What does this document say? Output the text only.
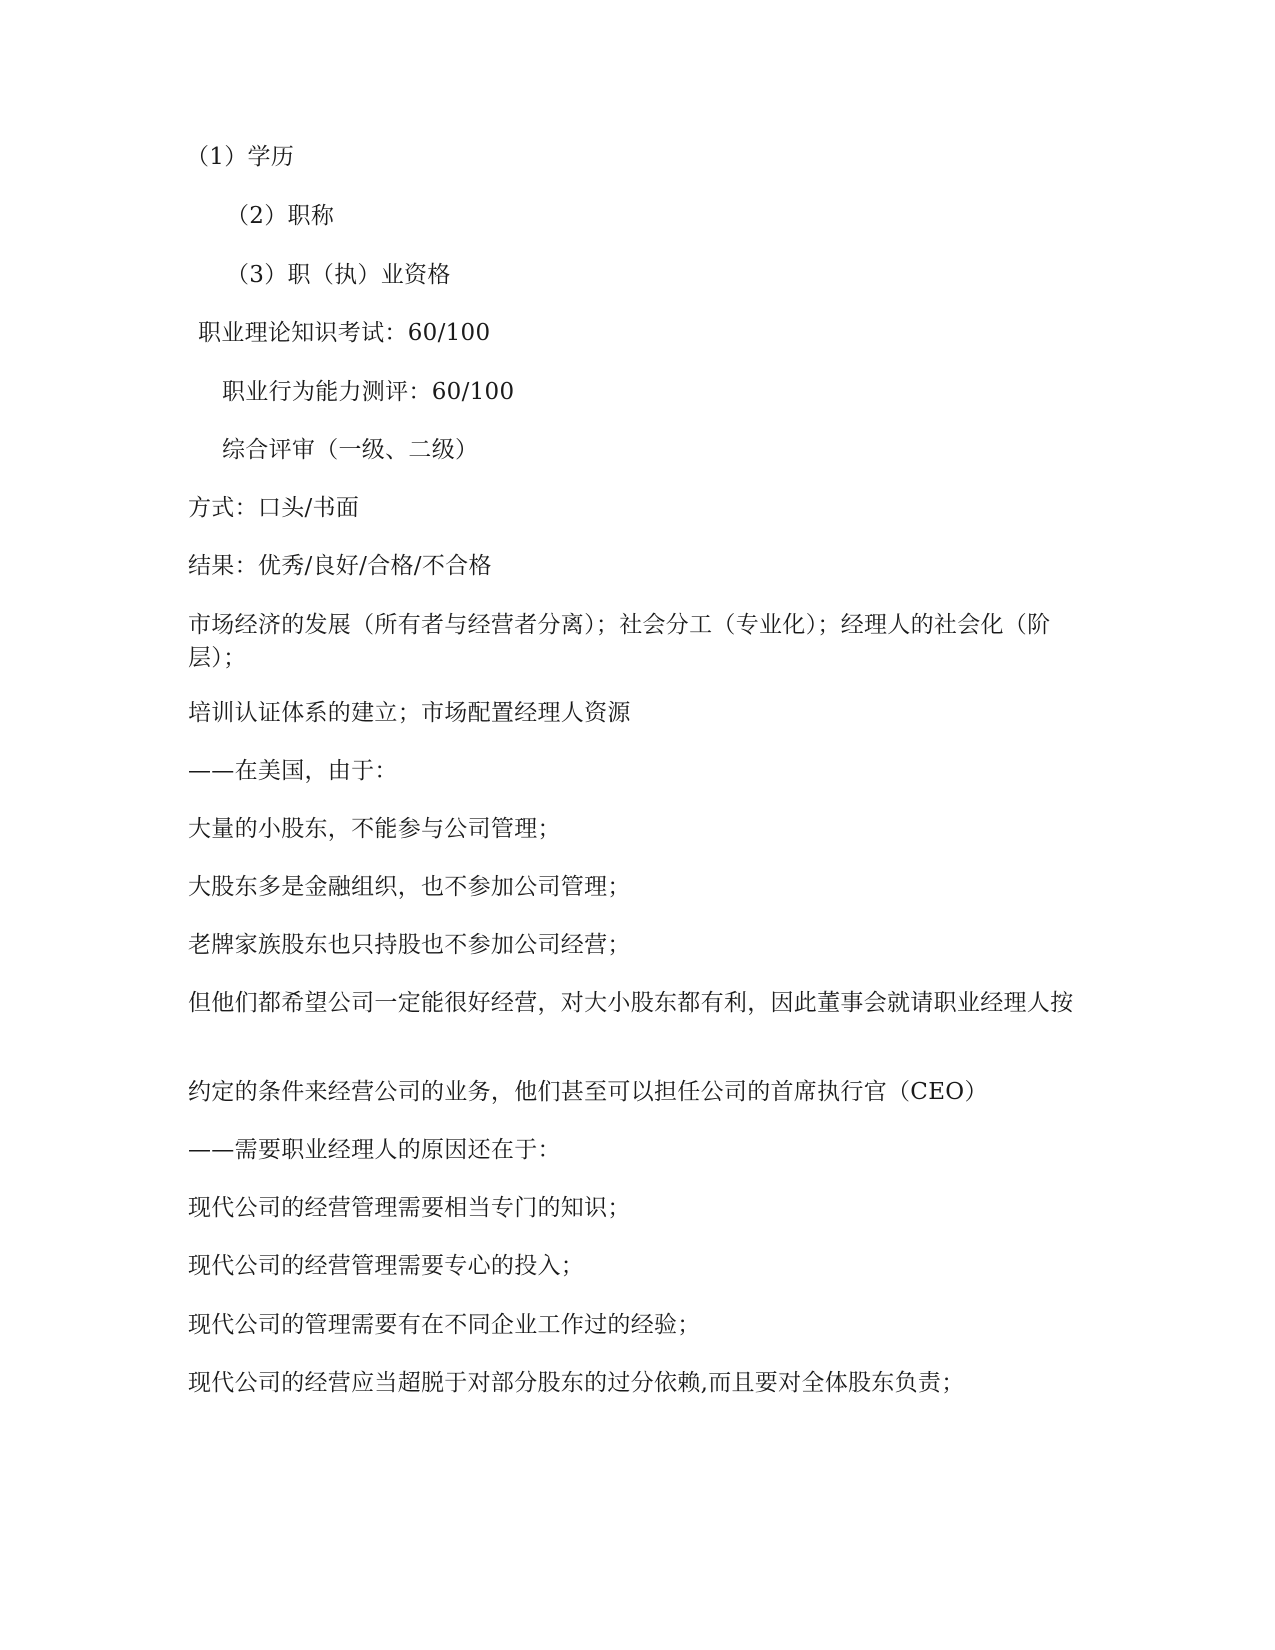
（1）学历

（2）职称

（3）职（执）业资格

职业理论知识考试：60/100

职业行为能力测评：60/100

综合评审（一级、二级）

方式：口头/书面

结果：优秀/良好/合格/不合格

市场经济的发展（所有者与经营者分离）；社会分工（专业化）；经理人的社会化（阶层）；

培训认证体系的建立；市场配置经理人资源

——在美国，由于：

大量的小股东，不能参与公司管理；

大股东多是金融组织，也不参加公司管理；

老牌家族股东也只持股也不参加公司经营；

但他们都希望公司一定能很好经营，对大小股东都有利，因此董事会就请职业经理人按

约定的条件来经营公司的业务，他们甚至可以担任公司的首席执行官（CEO）

——需要职业经理人的原因还在于：

现代公司的经营管理需要相当专门的知识；

现代公司的经营管理需要专心的投入；

现代公司的管理需要有在不同企业工作过的经验；

现代公司的经营应当超脱于对部分股东的过分依赖,而且要对全体股东负责；
